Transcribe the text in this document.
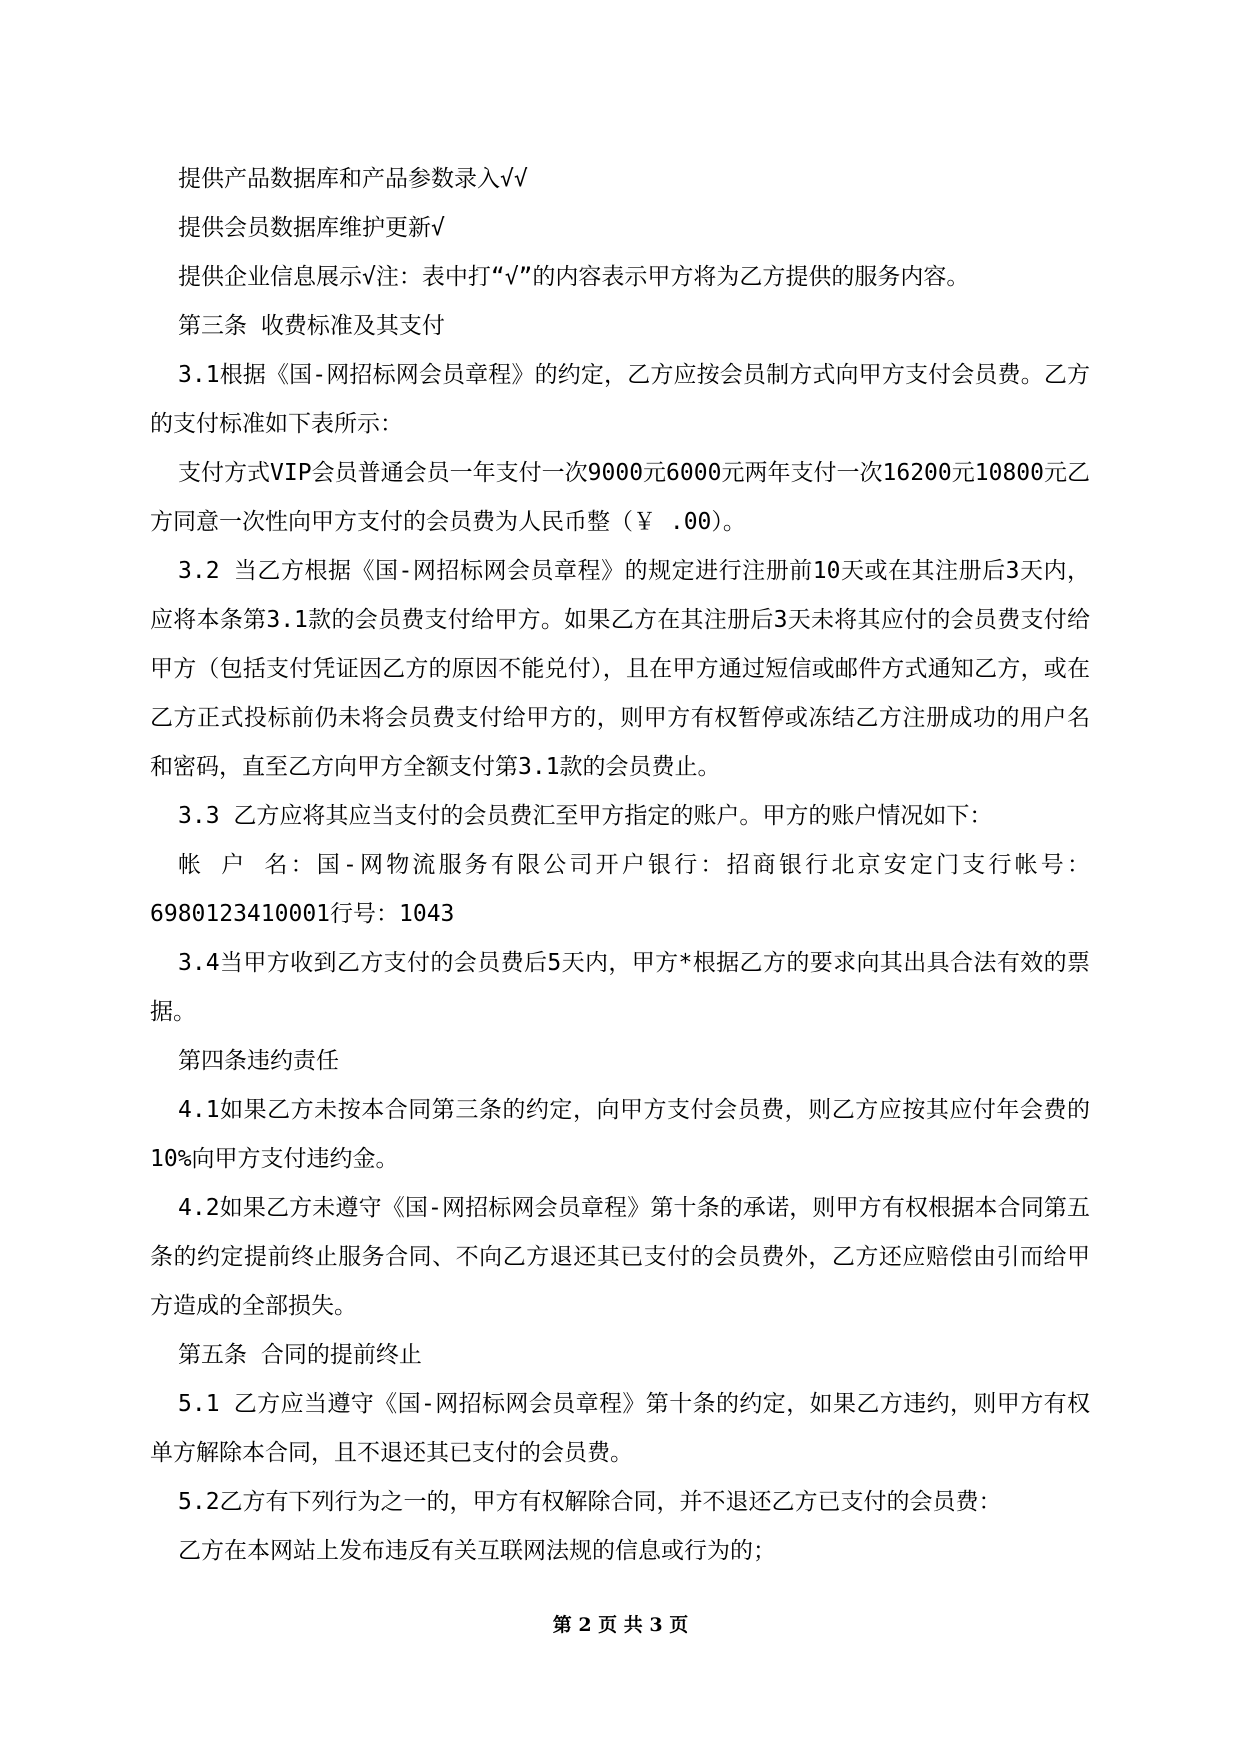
提供产品数据库和产品参数录入√√

提供会员数据库维护更新√

提供企业信息展示√注：表中打“√”的内容表示甲方将为乙方提供的服务内容。

第三条 收费标准及其支付

3.1根据《国-网招标网会员章程》的约定，乙方应按会员制方式向甲方支付会员费。乙方的支付标准如下表所示：

支付方式VIP会员普通会员一年支付一次9000元6000元两年支付一次16200元10800元乙方同意一次性向甲方支付的会员费为人民币整（￥ .00）。

3.2 当乙方根据《国-网招标网会员章程》的规定进行注册前10天或在其注册后3天内，应将本条第3.1款的会员费支付给甲方。如果乙方在其注册后3天未将其应付的会员费支付给甲方（包括支付凭证因乙方的原因不能兑付），且在甲方通过短信或邮件方式通知乙方，或在乙方正式投标前仍未将会员费支付给甲方的，则甲方有权暂停或冻结乙方注册成功的用户名和密码，直至乙方向甲方全额支付第3.1款的会员费止。

3.3 乙方应将其应当支付的会员费汇至甲方指定的账户。甲方的账户情况如下：

帐 户 名：国-网物流服务有限公司开户银行：招商银行北京安定门支行帐号：6980123410001行号：1043

3.4当甲方收到乙方支付的会员费后5天内，甲方*根据乙方的要求向其出具合法有效的票据。

第四条违约责任

4.1如果乙方未按本合同第三条的约定，向甲方支付会员费，则乙方应按其应付年会费的10%向甲方支付违约金。

4.2如果乙方未遵守《国-网招标网会员章程》第十条的承诺，则甲方有权根据本合同第五条的约定提前终止服务合同、不向乙方退还其已支付的会员费外，乙方还应赔偿由引而给甲方造成的全部损失。

第五条 合同的提前终止

5.1 乙方应当遵守《国-网招标网会员章程》第十条的约定，如果乙方违约，则甲方有权单方解除本合同，且不退还其已支付的会员费。

5.2乙方有下列行为之一的，甲方有权解除合同，并不退还乙方已支付的会员费：

乙方在本网站上发布违反有关互联网法规的信息或行为的；

第 2 页 共 3 页
